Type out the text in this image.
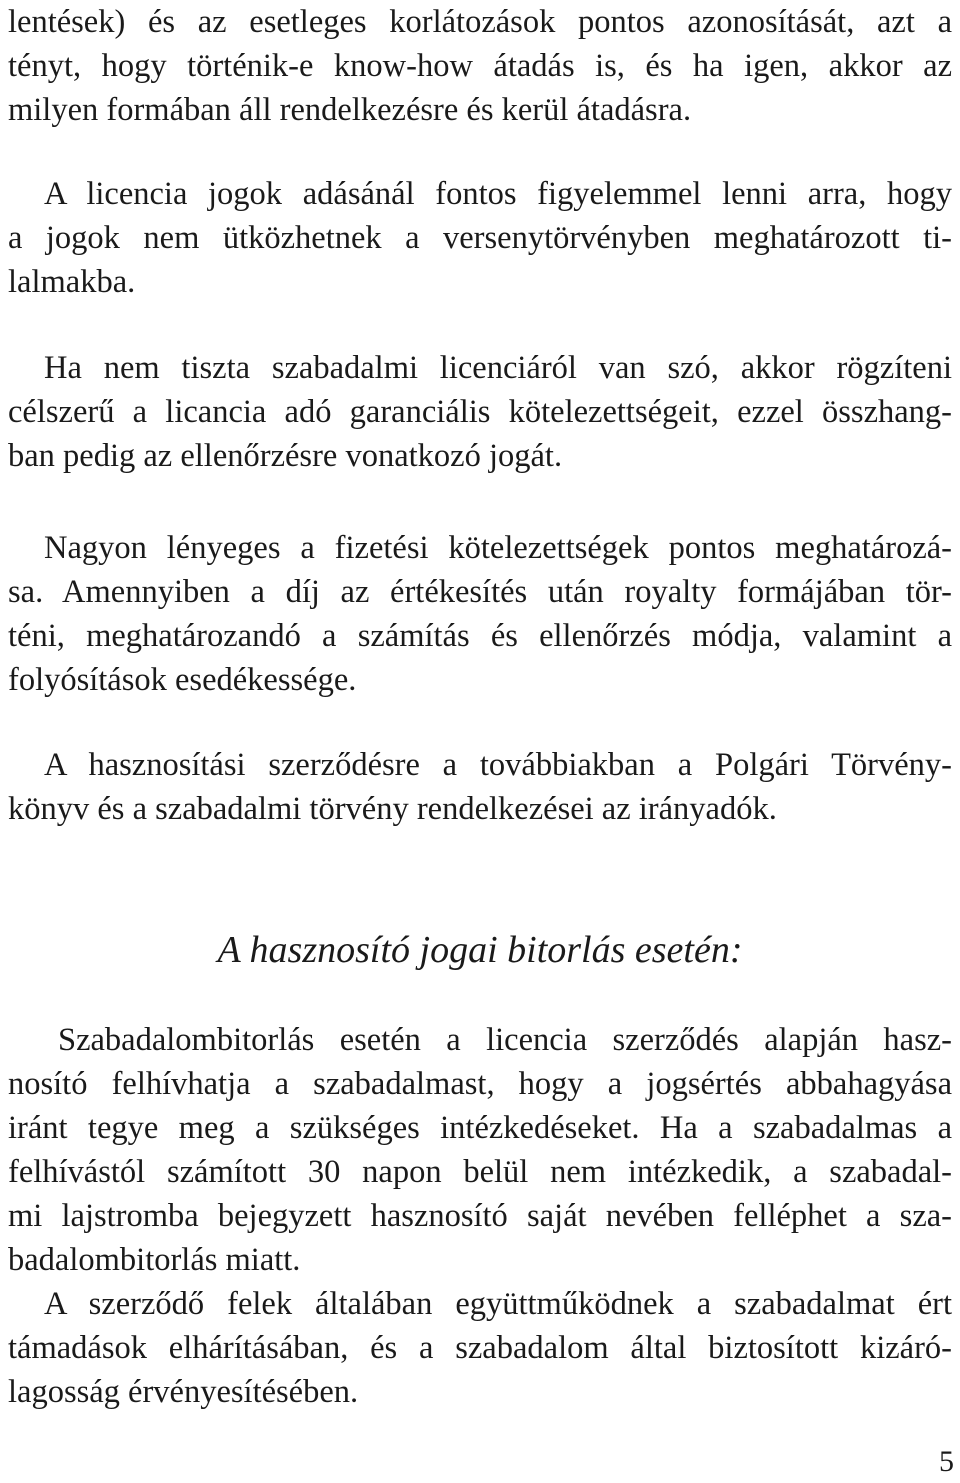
lentések) és az esetleges korlátozások pontos azonosítását, azt a
tényt, hogy történik-e know-how átadás is, és ha igen, akkor az
milyen formában áll rendelkezésre és kerül átadásra.
A licencia jogok adásánál fontos figyelemmel lenni arra, hogy
a jogok nem ütközhetnek a versenytörvényben meghatározott ti-
lalmakba.
Ha nem tiszta szabadalmi licenciáról van szó, akkor rögzíteni
célszerű a licancia adó garanciális kötelezettségeit, ezzel összhang-
ban pedig az ellenőrzésre vonatkozó jogát.
Nagyon lényeges a fizetési kötelezettségek pontos meghatározá-
sa. Amennyiben a díj az értékesítés után royalty formájában tör-
téni, meghatározandó a számítás és ellenőrzés módja, valamint a
folyósítások esedékessége.
A hasznosítási szerződésre a továbbiakban a Polgári Törvény-
könyv és a szabadalmi törvény rendelkezései az irányadók.
A hasznosító jogai bitorlás esetén:
Szabadalombitorlás esetén a licencia szerződés alapján hasz-
nosító felhívhatja a szabadalmast, hogy a jogsértés abbahagyása
iránt tegye meg a szükséges intézkedéseket. Ha a szabadalmas a
felhívástól számított 30 napon belül nem intézkedik, a szabadal-
mi lajstromba bejegyzett hasznosító saját nevében felléphet a sza-
badalombitorlás miatt.
A szerződő felek általában együttműködnek a szabadalmat ért
támadások elhárításában, és a szabadalom által biztosított kizáró-
lagosság érvényesítésében.
5
